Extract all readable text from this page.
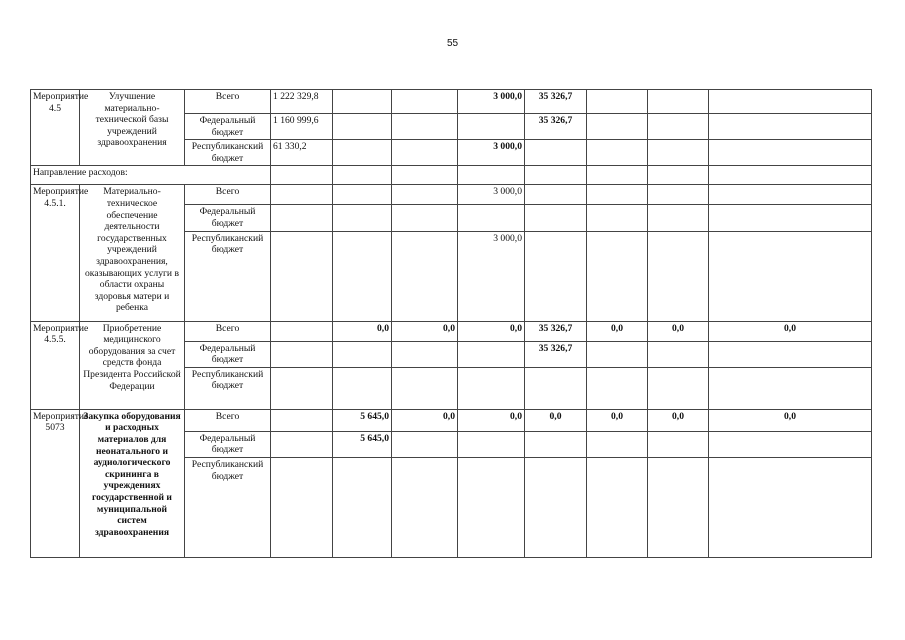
55
Мероприятие 4.5	Улучшение материально-технической базы учреждений здравоохранения	Всего	1 222 329,8			3 000,0	35 326,7			
		Федеральный бюджет	1 160 999,6				35 326,7			
		Республиканский бюджет	61 330,2			3 000,0				
Направление расходов:										
Мероприятие 4.5.1.	Материально-техническое обеспечение деятельности государственных учреждений здравоохранения, оказывающих услуги в области охраны здоровья матери и ребенка	Всего				3 000,0				
		Федеральный бюджет								
		Республиканский бюджет				3 000,0				
Мероприятие 4.5.5.	Приобретение медицинского оборудования за счет средств фонда Президента Российской Федерации	Всего		0,0	0,0	0,0	35 326,7	0,0	0,0	0,0
		Федеральный бюджет					35 326,7			
		Республиканский бюджет								
Мероприятие 5073	Закупка оборудования и расходных материалов для неонатального и аудиологического скрининга в учреждениях государственной и муниципальной систем здравоохранения	Всего		5 645,0	0,0	0,0	0,0	0,0	0,0	0,0
		Федеральный бюджет		5 645,0						
		Республиканский бюджет								
